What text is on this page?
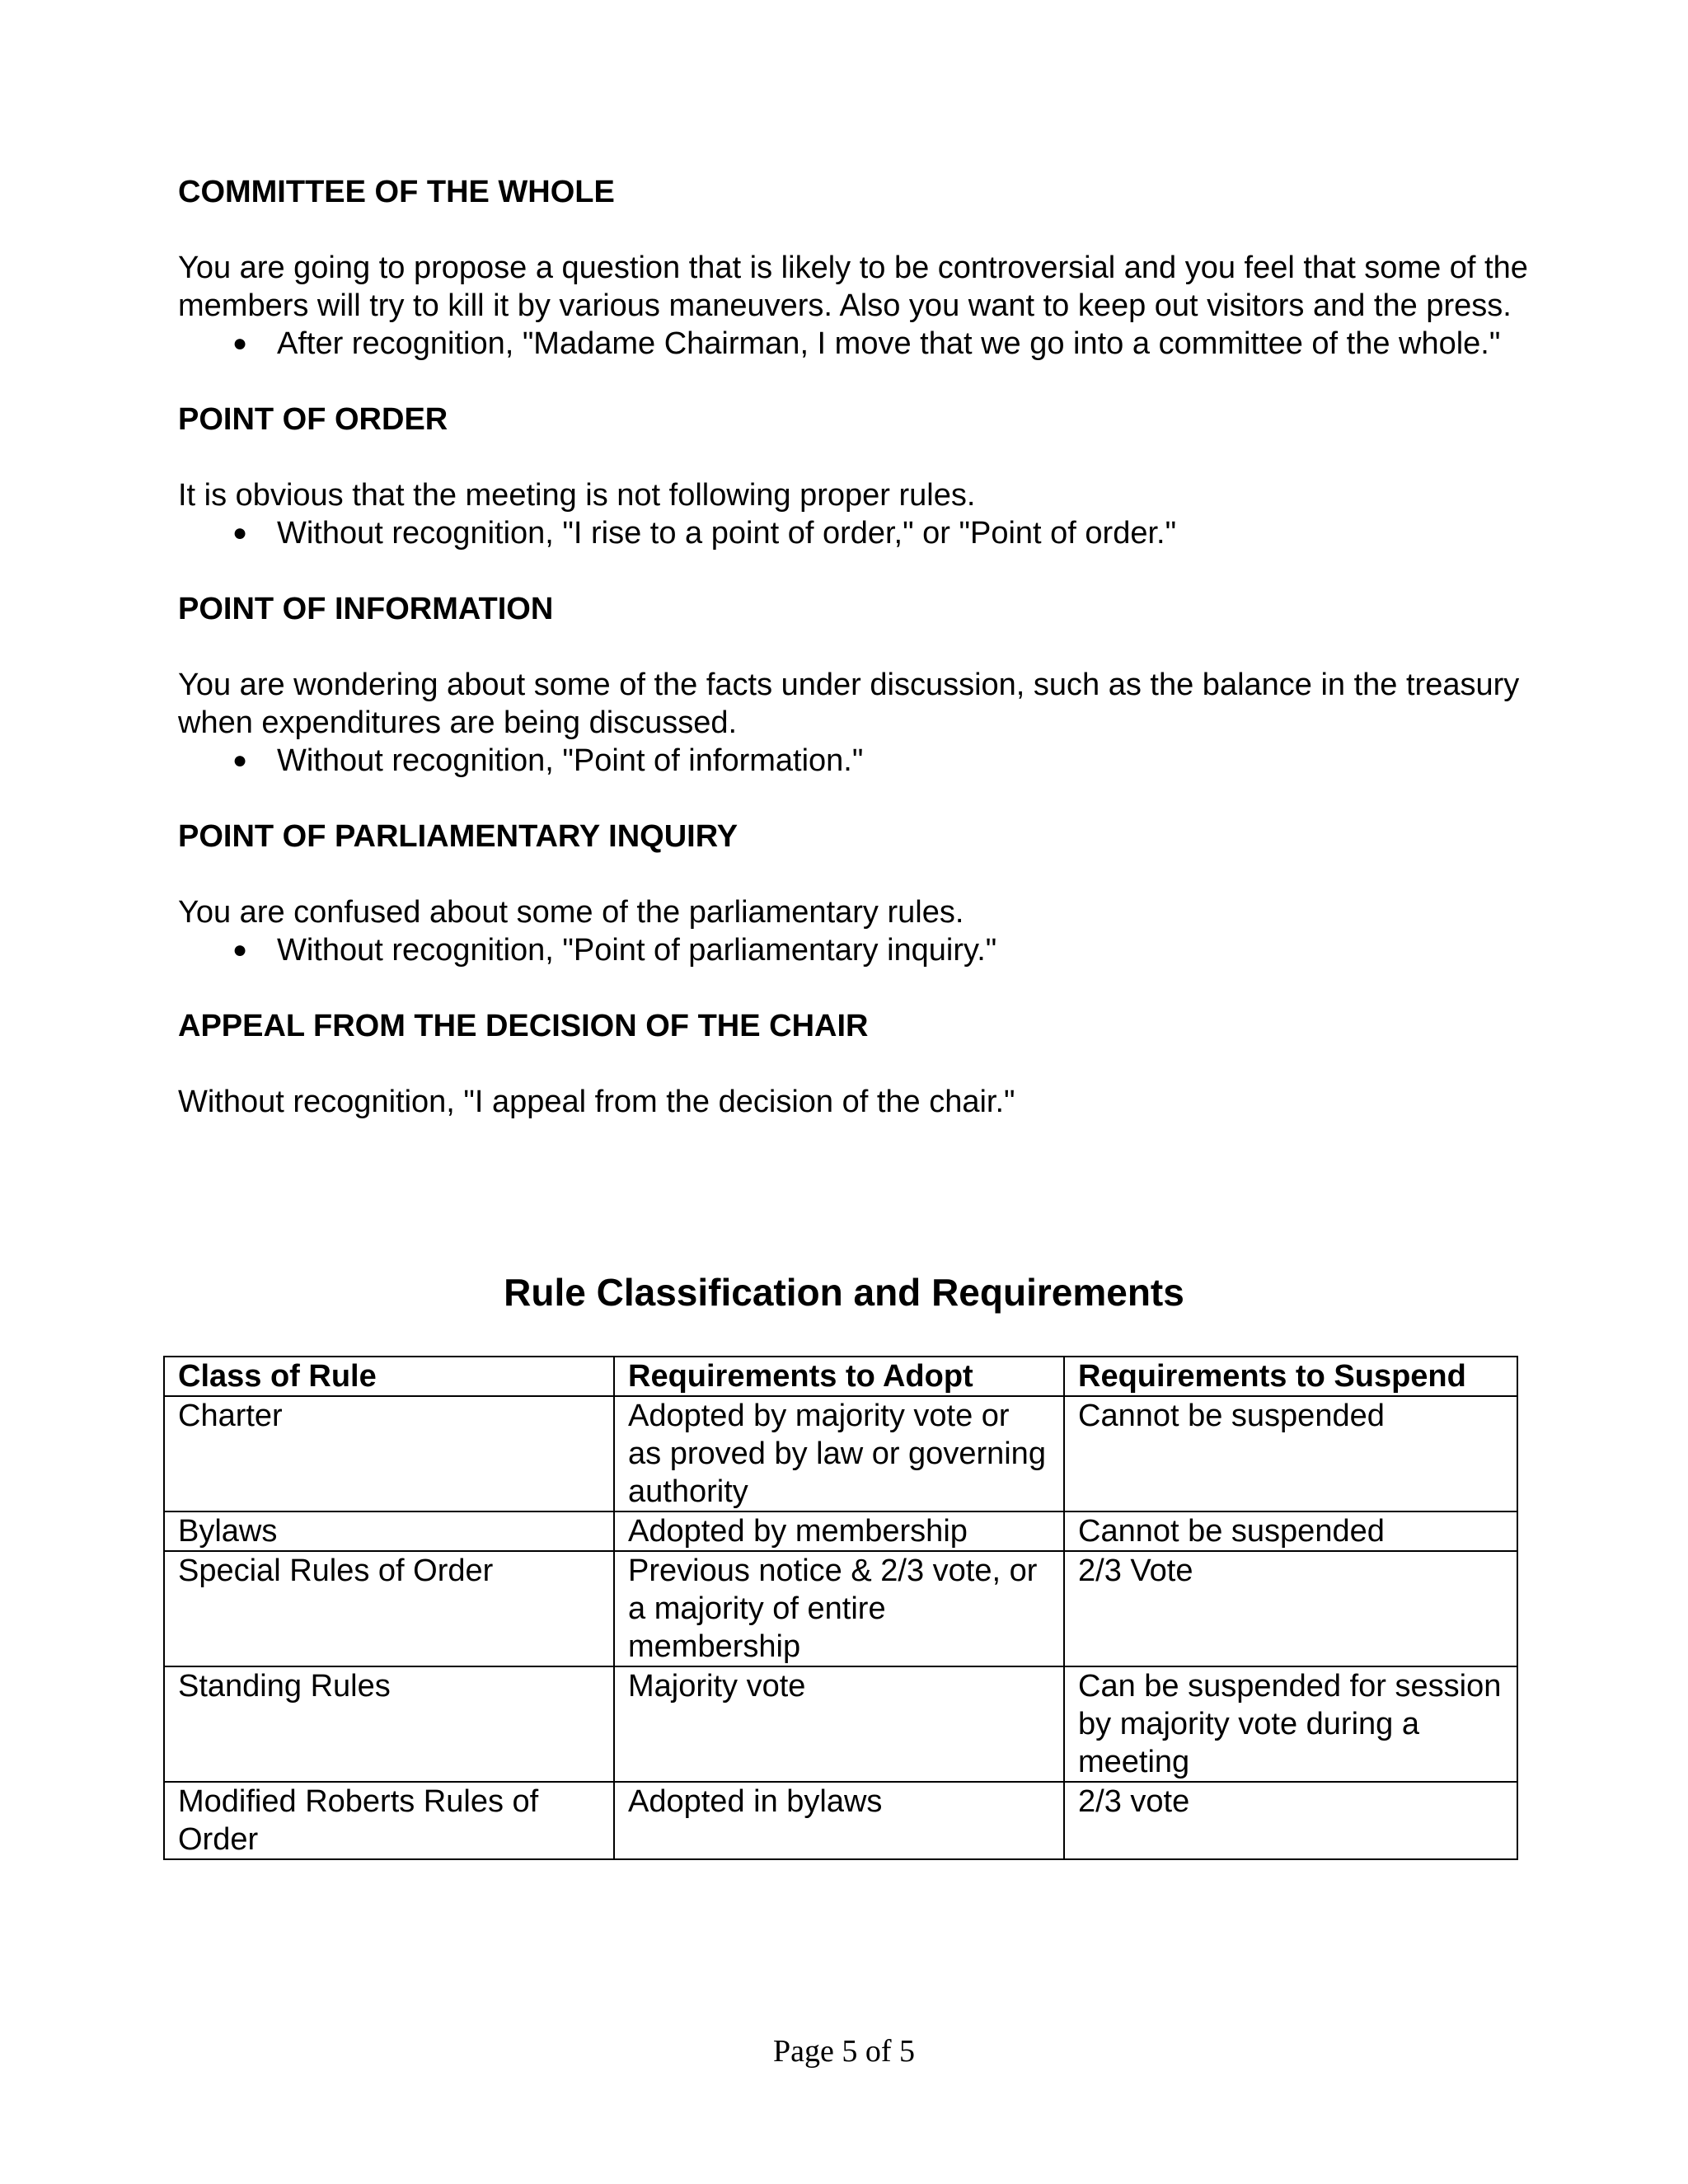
COMMITTEE OF THE WHOLE

You are going to propose a question that is likely to be controversial and you feel that some of the members will try to kill it by various maneuvers. Also you want to keep out visitors and the press.

● After recognition, "Madame Chairman, I move that we go into a committee of the whole."

POINT OF ORDER

It is obvious that the meeting is not following proper rules.

● Without recognition, "I rise to a point of order," or "Point of order."

POINT OF INFORMATION

You are wondering about some of the facts under discussion, such as the balance in the treasury when expenditures are being discussed.

● Without recognition, "Point of information."

POINT OF PARLIAMENTARY INQUIRY

You are confused about some of the parliamentary rules.

● Without recognition, "Point of parliamentary inquiry."

APPEAL FROM THE DECISION OF THE CHAIR

Without recognition, "I appeal from the decision of the chair."

Rule Classification and Requirements
Class of Rule	Requirements to Adopt	Requirements to Suspend
Charter	Adopted by majority vote or as proved by law or governing authority	Cannot be suspended
Bylaws	Adopted by membership	Cannot be suspended
Special Rules of Order	Previous notice & 2/3 vote, or a majority of entire membership	2/3 Vote
Standing Rules	Majority vote	Can be suspended for session by majority vote during a meeting
Modified Roberts Rules of Order	Adopted in bylaws	2/3 vote
Page 5 of 5
